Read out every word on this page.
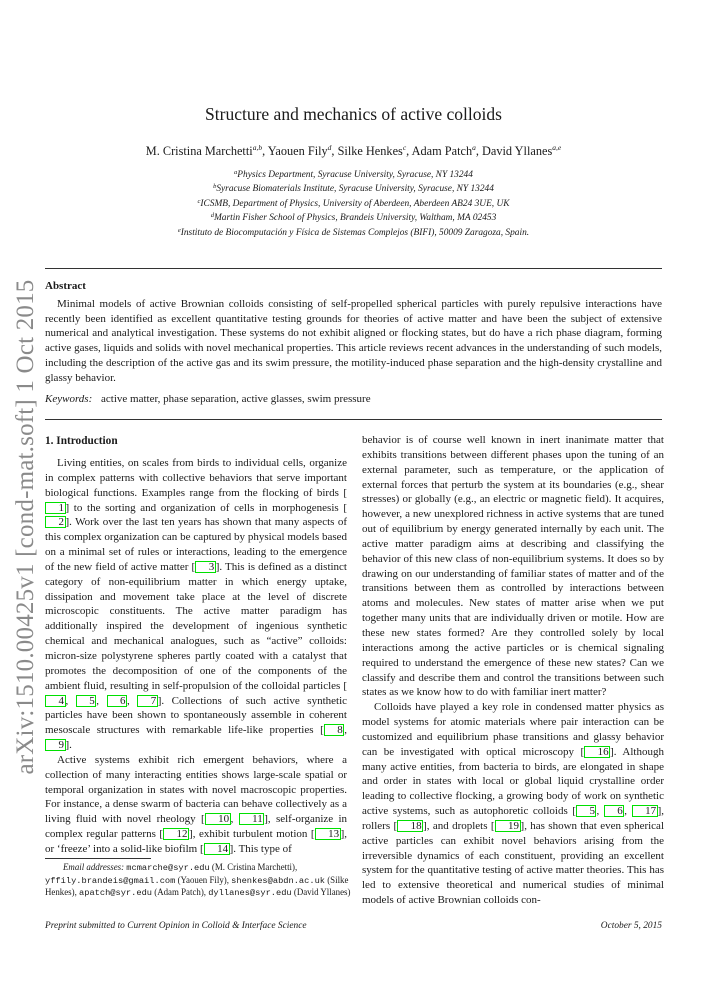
arXiv:1510.00425v1 [cond-mat.soft] 1 Oct 2015
Structure and mechanics of active colloids
M. Cristina Marchetti$^{a,b}$, Yaouen Fily$^d$, Silke Henkes$^c$, Adam Patch$^a$, David Yllanes$^{a,e}$
$^a$Physics Department, Syracuse University, Syracuse, NY 13244
$^b$Syracuse Biomaterials Institute, Syracuse University, Syracuse, NY 13244
$^c$ICSMB, Department of Physics, University of Aberdeen, Aberdeen AB24 3UE, UK
$^d$Martin Fisher School of Physics, Brandeis University, Waltham, MA 02453
$^e$Instituto de Biocomputación y Física de Sistemas Complejos (BIFI), 50009 Zaragoza, Spain.
Abstract

Minimal models of active Brownian colloids consisting of self-propelled spherical particles with purely repulsive interactions have recently been identified as excellent quantitative testing grounds for theories of active matter and have been the subject of extensive numerical and analytical investigation. These systems do not exhibit aligned or flocking states, but do have a rich phase diagram, forming active gases, liquids and solids with novel mechanical properties. This article reviews recent advances in the understanding of such models, including the description of the active gas and its swim pressure, the motility-induced phase separation and the high-density crystalline and glassy behavior.

Keywords: active matter, phase separation, active glasses, swim pressure
1. Introduction

Living entities, on scales from birds to individual cells, organize in complex patterns with collective behaviors that serve important biological functions. Examples range from the flocking of birds [1 ] to the sorting and organization of cells in morphogenesis [2 ]. Work over the last ten years has shown that many aspects of this complex organization can be captured by physical models based on a minimal set of rules or interactions, leading to the emergence of the new field of active matter [ 3 ]. This is defined as a distinct category of non-equilibrium matter in which energy uptake, dissipation and movement take place at the level of discrete microscopic constituents. The active matter paradigm has additionally inspired the development of ingenious synthetic chemical and mechanical analogues, such as “active” colloids: micron-size polystyrene spheres partly coated with a catalyst that promotes the decomposition of one of the components of the ambient fluid, resulting in self-propulsion of the colloidal particles [4 , 5 , 6 , 7 ]. Collections of such active synthetic particles have been shown to spontaneously assemble in coherent mesoscale structures with remarkable life-like properties [ 8 , 9 ].

Active systems exhibit rich emergent behaviors, where a collection of many interacting entities shows large-scale spatial or temporal organization in states with novel macroscopic properties. For instance, a dense swarm of bacteria can behave collectively as a living fluid with novel rheology [ 10 , 11 ], self-organize in complex regular patterns [ 12 ], exhibit turbulent motion [ 13 ], or ‘freeze’ into a solid-like biofilm [ 14 ]. This type of

behavior is of course well known in inert inanimate matter that exhibits transitions between different phases upon the tuning of an external parameter, such as temperature, or the application of external forces that perturb the system at its boundaries (e.g., shear stresses) or globally (e.g., an electric or magnetic field). It acquires, however, a new unexplored richness in active systems that are tuned out of equilibrium by energy generated internally by each unit. The active matter paradigm aims at describing and classifying the behavior of this new class of non-equilibrium systems. It does so by drawing on our understanding of familiar states of matter and of the transitions between them as controlled by interactions between atoms and molecules. New states of matter arise when we put together many units that are individually driven or motile. How are these new states formed? Are they controlled solely by local interactions among the active particles or is chemical signaling required to understand the emergence of these new states? Can we classify and describe them and control the transitions between such states as we know how to do with familiar inert matter?

Colloids have played a key role in condensed matter physics as model systems for atomic materials where pair interaction can be customized and equilibrium phase transitions and glassy behavior can be investigated with optical microscopy [ 16 ]. Although many active entities, from bacteria to birds, are elongated in shape and order in states with local or global liquid crystalline order leading to collective flocking, a growing body of work on synthetic active systems, such as autophoretic colloids [ 5 , 6 , 17 ], rollers [ 18 ], and droplets [ 19 ], has shown that even spherical active particles can exhibit novel behaviors arising from the irreversible dynamics of each constituent, providing an excellent system for the quantitative testing of active matter theories. This has led to extensive theoretical and numerical studies of minimal models of active Brownian colloids con-

Email addresses: mcmarche@syr.edu (M. Cristina Marchetti), yffily.brandeis@gmail.com (Yaouen Fily), shenkes@abdn.ac.uk (Silke Henkes), apatch@syr.edu (Adam Patch), dyllanes@syr.edu (David Yllanes)
Preprint submitted to Current Opinion in Colloid & Interface Science	October 5, 2015
